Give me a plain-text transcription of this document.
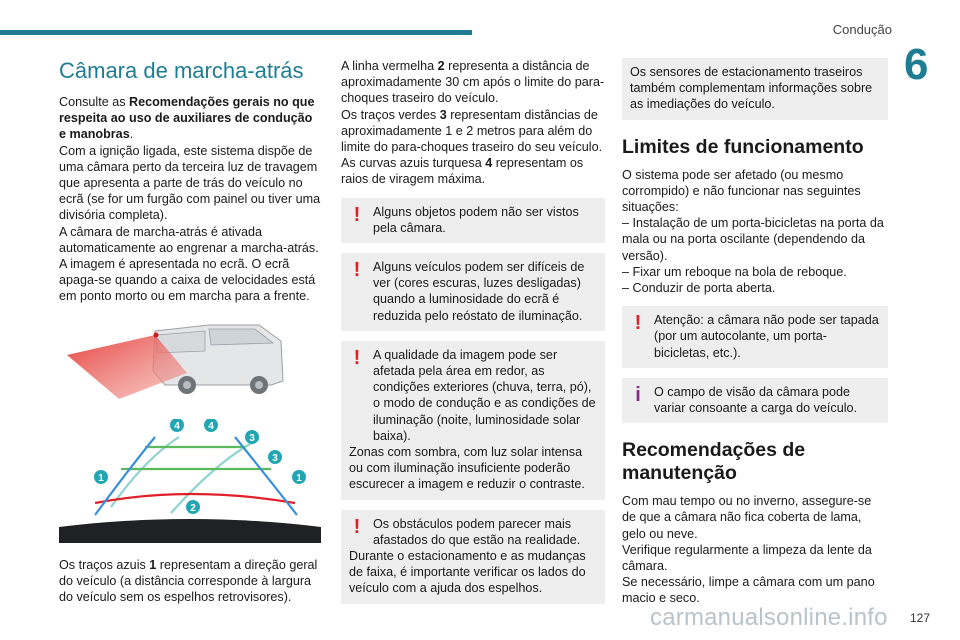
Condução
6
Câmara de marcha-atrás

Consulte as Recomendações gerais no que respeita ao uso de auxiliares de condução e manobras.

Com a ignição ligada, este sistema dispõe de uma câmara perto da terceira luz de travagem que apresenta a parte de trás do veículo no ecrã (se for um furgão com painel ou tiver uma divisória completa).

A câmara de marcha-atrás é ativada automaticamente ao engrenar a marcha-atrás.

A imagem é apresentada no ecrã. O ecrã apaga-se quando a caixa de velocidades está em ponto morto ou em marcha para a frente.

4	4
3
3
1	1
2

Os traços azuis 1 representam a direção geral do veículo (a distância corresponde à largura do veículo sem os espelhos retrovisores).

A linha vermelha 2 representa a distância de aproximadamente 30 cm após o limite do para-choques traseiro do veículo.

Os traços verdes 3 representam distâncias de aproximadamente 1 e 2 metros para além do limite do para-choques traseiro do seu veículo.

As curvas azuis turquesa 4 representam os raios de viragem máxima.

!	Alguns objetos podem não ser vistos pela câmara.

!	Alguns veículos podem ser difíceis de ver (cores escuras, luzes desligadas) quando a luminosidade do ecrã é reduzida pelo reóstato de iluminação.

!	A qualidade da imagem pode ser afetada pela área em redor, as condições exteriores (chuva, terra, pó), o modo de condução e as condições de iluminação (noite, luminosidade solar baixa).

Zonas com sombra, com luz solar intensa ou com iluminação insuficiente poderão escurecer a imagem e reduzir o contraste.

!	Os obstáculos podem parecer mais afastados do que estão na realidade.

Durante o estacionamento e as mudanças de faixa, é importante verificar os lados do veículo com a ajuda dos espelhos.

Os sensores de estacionamento traseiros também complementam informações sobre as imediações do veículo.

Limites de funcionamento

O sistema pode ser afetado (ou mesmo corrompido) e não funcionar nas seguintes situações:

– Instalação de um porta-bicicletas na porta da mala ou na porta oscilante (dependendo da versão).

– Fixar um reboque na bola de reboque.

– Conduzir de porta aberta.

!	Atenção: a câmara não pode ser tapada (por um autocolante, um porta-bicicletas, etc.).

i	O campo de visão da câmara pode variar consoante a carga do veículo.

Recomendações de manutenção

Com mau tempo ou no inverno, assegure-se de que a câmara não fica coberta de lama, gelo ou neve.

Verifique regularmente a limpeza da lente da câmara.

Se necessário, limpe a câmara com um pano macio e seco.

carmanualsonline.info 127
